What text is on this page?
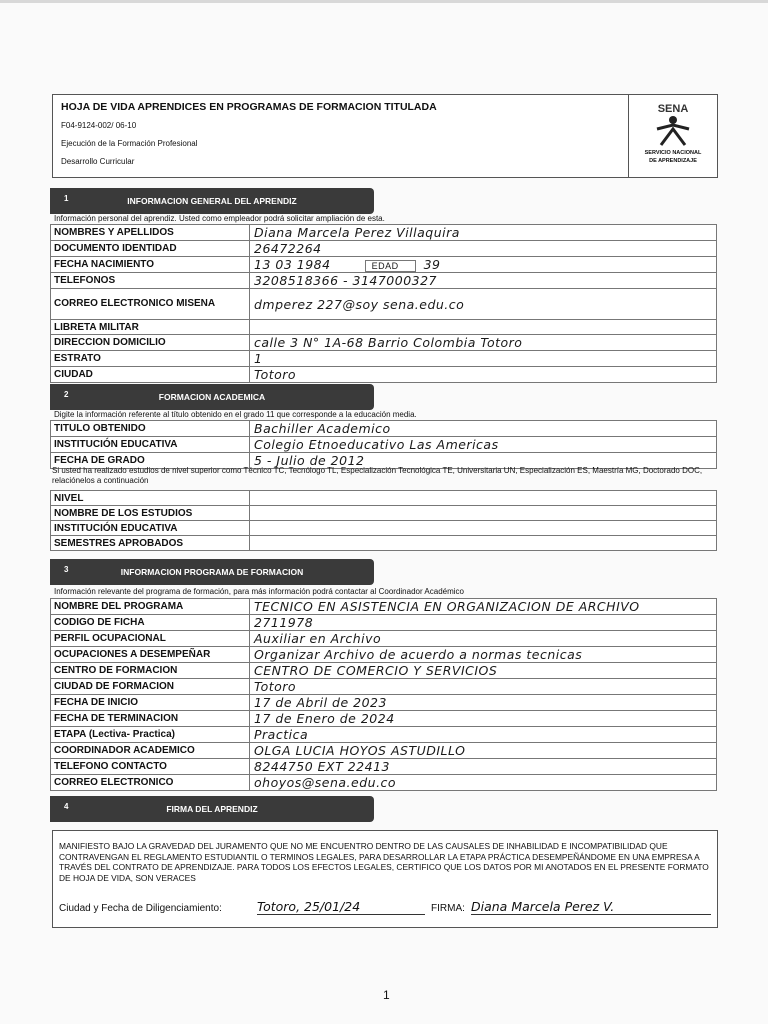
HOJA DE VIDA APRENDICES EN PROGRAMAS DE FORMACION TITULADA
F04-9124-002/ 06-10
Ejecución de la Formación Profesional
Desarrollo Curricular
SENA
SERVICIO NACIONAL
DE APRENDIZAJE
1	INFORMACION GENERAL DEL APRENDIZ
Información personal del aprendiz. Usted como empleador podrá solicitar ampliación de esta.
NOMBRES Y APELLIDOS	Diana Marcela Perez Villaquira
DOCUMENTO IDENTIDAD	26472264
FECHA NACIMIENTO	13 03 1984 EDAD 39
TELEFONOS	3208518366 - 3147000327
CORREO ELECTRONICO MISENA	dmperez 227@soy sena.edu.co
LIBRETA MILITAR	
DIRECCION DOMICILIO	calle 3 N° 1A-68 Barrio Colombia Totoro
ESTRATO	1
CIUDAD	Totoro
2	FORMACION ACADEMICA
Digite la información referente al título obtenido en el grado 11 que corresponde a la educación media.
TITULO OBTENIDO	Bachiller Academico
INSTITUCIÓN EDUCATIVA	Colegio Etnoeducativo Las Americas
FECHA DE GRADO	5 - Julio de 2012
Si usted ha realizado estudios de nivel superior como Técnico TC, Tecnólogo TL, Especialización Tecnológica TE, Universitaria UN, Especialización ES, Maestría MG, Doctorado DOC, relaciónelos a continuación
NIVEL	
NOMBRE DE LOS ESTUDIOS	
INSTITUCIÓN EDUCATIVA	
SEMESTRES APROBADOS	
3	INFORMACION PROGRAMA DE FORMACION
Información relevante del programa de formación, para más información podrá contactar al Coordinador Académico
NOMBRE DEL PROGRAMA	TECNICO EN ASISTENCIA EN ORGANIZACION DE ARCHIVO
CODIGO DE FICHA	2711978
PERFIL OCUPACIONAL	Auxiliar en Archivo
OCUPACIONES A DESEMPEÑAR	Organizar Archivo de acuerdo a normas tecnicas
CENTRO DE FORMACION	CENTRO DE COMERCIO Y SERVICIOS
CIUDAD DE FORMACION	Totoro
FECHA DE INICIO	17 de Abril de 2023
FECHA DE TERMINACION	17 de Enero de 2024
ETAPA (Lectiva- Practica)	Practica
COORDINADOR ACADEMICO	OLGA LUCIA HOYOS ASTUDILLO
TELEFONO CONTACTO	8244750 EXT 22413
CORREO ELECTRONICO	ohoyos@sena.edu.co
4	FIRMA DEL APRENDIZ
MANIFIESTO BAJO LA GRAVEDAD DEL JURAMENTO QUE NO ME ENCUENTRO DENTRO DE LAS CAUSALES DE INHABILIDAD E INCOMPATIBILIDAD QUE CONTRAVENGAN EL REGLAMENTO ESTUDIANTIL O TERMINOS LEGALES, PARA DESARROLLAR LA ETAPA PRÁCTICA DESEMPEÑÁNDOME EN UNA EMPRESA A TRAVÉS DEL CONTRATO DE APRENDIZAJE. PARA TODOS LOS EFECTOS LEGALES, CERTIFICO QUE LOS DATOS POR MI ANOTADOS EN EL PRESENTE FORMATO DE HOJA DE VIDA, SON VERACES
Ciudad y Fecha de Diligenciamiento:	Totoro, 25/01/24	FIRMA: Diana Marcela Perez V.
1
